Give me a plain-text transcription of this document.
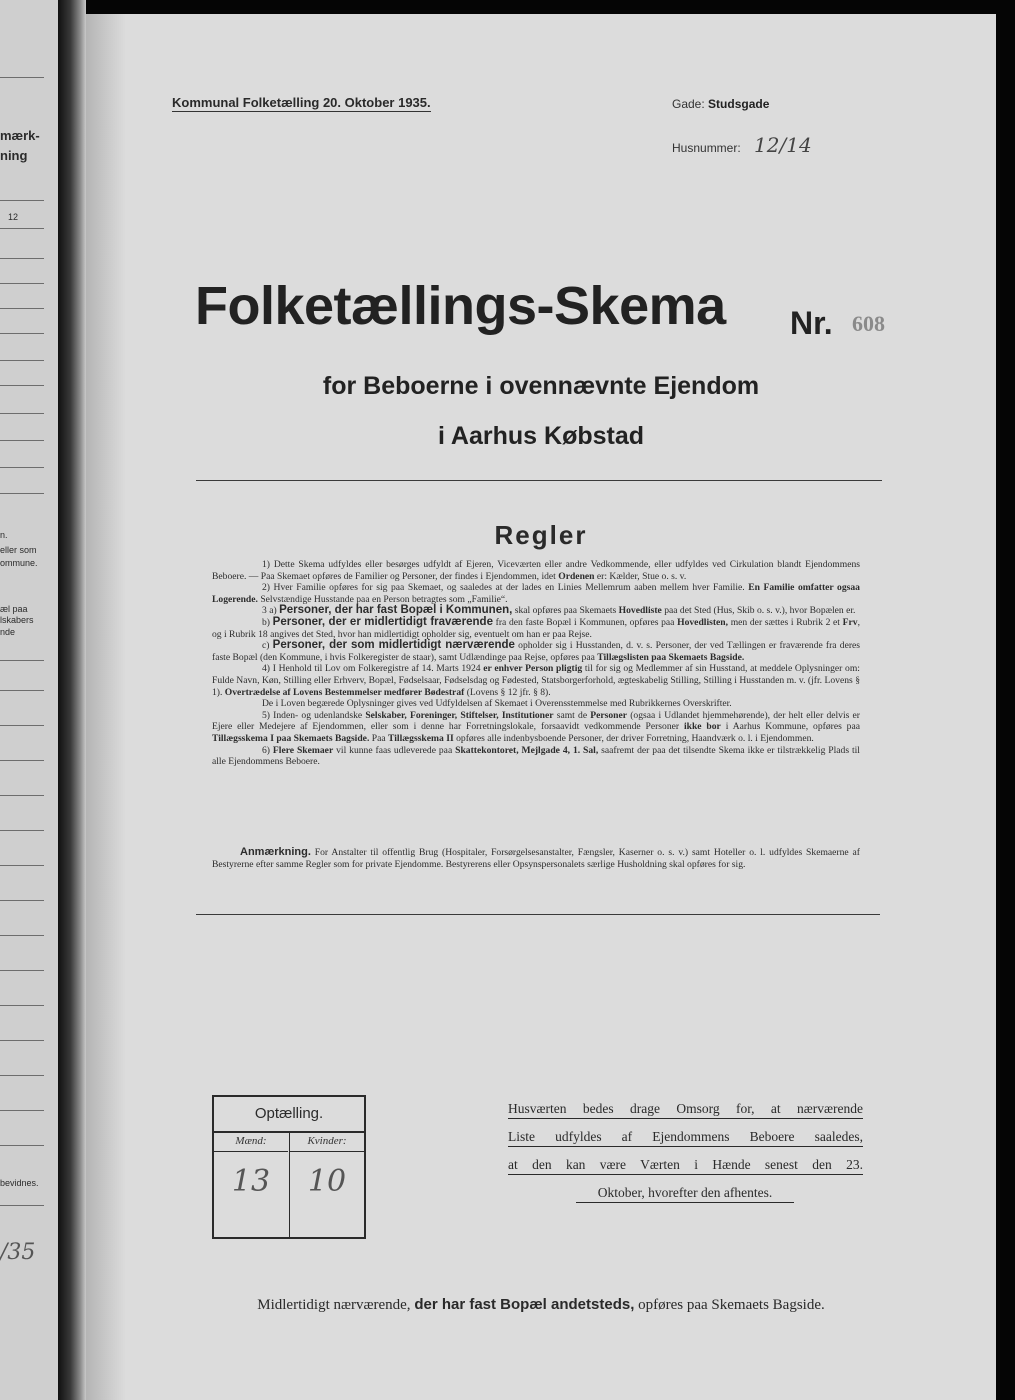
mærk-
ning
12
n.
eller som
ommune.
æl paa
lskabers
nde
bevidnes.
/35
Kommunal Folketælling 20. Oktober 1935.	Gade: Studsgade
Husnummer: 12/14
Folketællings-Skema Nr. 608
for Beboerne i ovennævnte Ejendom
i Aarhus Købstad
Regler

1) Dette Skema udfyldes eller besørges udfyldt af Ejeren, Viceværten eller andre Vedkommende, eller udfyldes ved Cirkulation blandt Ejendommens Beboere. — Paa Skemaet opføres de Familier og Personer, der findes i Ejendommen, idet Ordenen er: Kælder, Stue o. s. v.

2) Hver Familie opføres for sig paa Skemaet, og saaledes at der lades en Linies Mellemrum aaben mellem hver Familie. En Familie omfatter ogsaa Logerende. Selvstændige Husstande paa en Person betragtes som „Familie“.

3 a) Personer, der har fast Bopæl i Kommunen, skal opføres paa Skemaets Hovedliste paa det Sted (Hus, Skib o. s. v.), hvor Bopælen er.

b) Personer, der er midlertidigt fraværende fra den faste Bopæl i Kommunen, opføres paa Hovedlisten, men der sættes i Rubrik 2 et Frv, og i Rubrik 18 angives det Sted, hvor han midlertidigt opholder sig, eventuelt om han er paa Rejse.

c) Personer, der som midlertidigt nærværende opholder sig i Husstanden, d. v. s. Personer, der ved Tællingen er fraværende fra deres faste Bopæl (den Kommune, i hvis Folkeregister de staar), samt Udlændinge paa Rejse, opføres paa Tillægslisten paa Skemaets Bagside.

4) I Henhold til Lov om Folkeregistre af 14. Marts 1924 er enhver Person pligtig til for sig og Medlemmer af sin Husstand, at meddele Oplysninger om: Fulde Navn, Køn, Stilling eller Erhverv, Bopæl, Fødselsaar, Fødselsdag og Fødested, Statsborgerforhold, ægteskabelig Stilling, Stilling i Husstanden m. v. (jfr. Lovens § 1). Overtrædelse af Lovens Bestemmelser medfører Bødestraf (Lovens § 12 jfr. § 8).

De i Loven begærede Oplysninger gives ved Udfyldelsen af Skemaet i Overensstemmelse med Rubrikkernes Overskrifter.

5) Inden- og udenlandske Selskaber, Foreninger, Stiftelser, Institutioner samt de Personer (ogsaa i Udlandet hjemmehørende), der helt eller delvis er Ejere eller Medejere af Ejendommen, eller som i denne har Forretningslokale, forsaavidt vedkommende Personer ikke bor i Aarhus Kommune, opføres paa Tillægsskema I paa Skemaets Bagside. Paa Tillægsskema II opføres alle indenbysboende Personer, der driver Forretning, Haandværk o. l. i Ejendommen.

6) Flere Skemaer vil kunne faas udleverede paa Skattekontoret, Mejlgade 4, 1. Sal, saafremt der paa det tilsendte Skema ikke er tilstrækkelig Plads til alle Ejendommens Beboere.

Anmærkning. For Anstalter til offentlig Brug (Hospitaler, Forsørgelsesanstalter, Fængsler, Kaserner o. s. v.) samt Hoteller o. l. udfyldes Skemaerne af Bestyrerne efter samme Regler som for private Ejendomme. Bestyrerens eller Opsynspersonalets særlige Husholdning skal opføres for sig.

Optælling.
Mænd:
13
Kvinder:
10
Husværten bedes drage Omsorg for, at nærværende
Liste udfyldes af Ejendommens Beboere saaledes,
at den kan være Værten i Hænde senest den 23.
Oktober, hvorefter den afhentes.
Midlertidigt nærværende, der har fast Bopæl andetsteds, opføres paa Skemaets Bagside.
